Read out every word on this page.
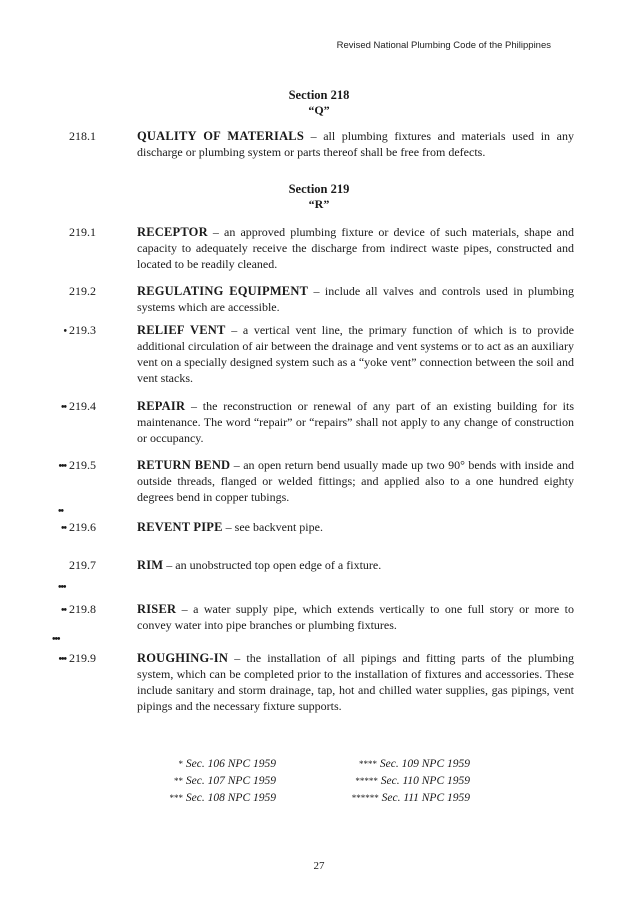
Revised National Plumbing Code of the Philippines
Section 218
“Q”
218.1	QUALITY OF MATERIALS – all plumbing fixtures and materials used in any discharge or plumbing system or parts thereof shall be free from defects.
Section 219
“R”
219.1	RECEPTOR – an approved plumbing fixture or device of such materials, shape and capacity to adequately receive the discharge from indirect waste pipes, constructed and located to be readily cleaned.
219.2	REGULATING EQUIPMENT – include all valves and controls used in plumbing systems which are accessible.
• 219.3	RELIEF VENT – a vertical vent line, the primary function of which is to provide additional circulation of air between the drainage and vent systems or to act as an auxiliary vent on a specially designed system such as a “yoke vent” connection between the soil and vent stacks.
•• 219.4	REPAIR – the reconstruction or renewal of any part of an existing building for its maintenance. The word “repair” or “repairs” shall not apply to any change of construction or occupancy.
••• 219.5	RETURN BEND – an open return bend usually made up two 90° bends with inside and outside threads, flanged or welded fittings; and applied also to a one hundred eighty degrees bend in copper tubings.
••
•• 219.6	REVENT PIPE – see backvent pipe.
219.7	RIM – an unobstructed top open edge of a fixture.
•••
•• 219.8	RISER – a water supply pipe, which extends vertically to one full story or more to convey water into pipe branches or plumbing fixtures.
•••
••• 219.9	ROUGHING-IN – the installation of all pipings and fitting parts of the plumbing system, which can be completed prior to the installation of fixtures and accessories. These include sanitary and storm drainage, tap, hot and chilled water supplies, gas pipings, vent pipings and the necessary fixture supports.
* Sec. 106 NPC 1959
** Sec. 107 NPC 1959
*** Sec. 108 NPC 1959
**** Sec. 109 NPC 1959
***** Sec. 110 NPC 1959
****** Sec. 111 NPC 1959
27
